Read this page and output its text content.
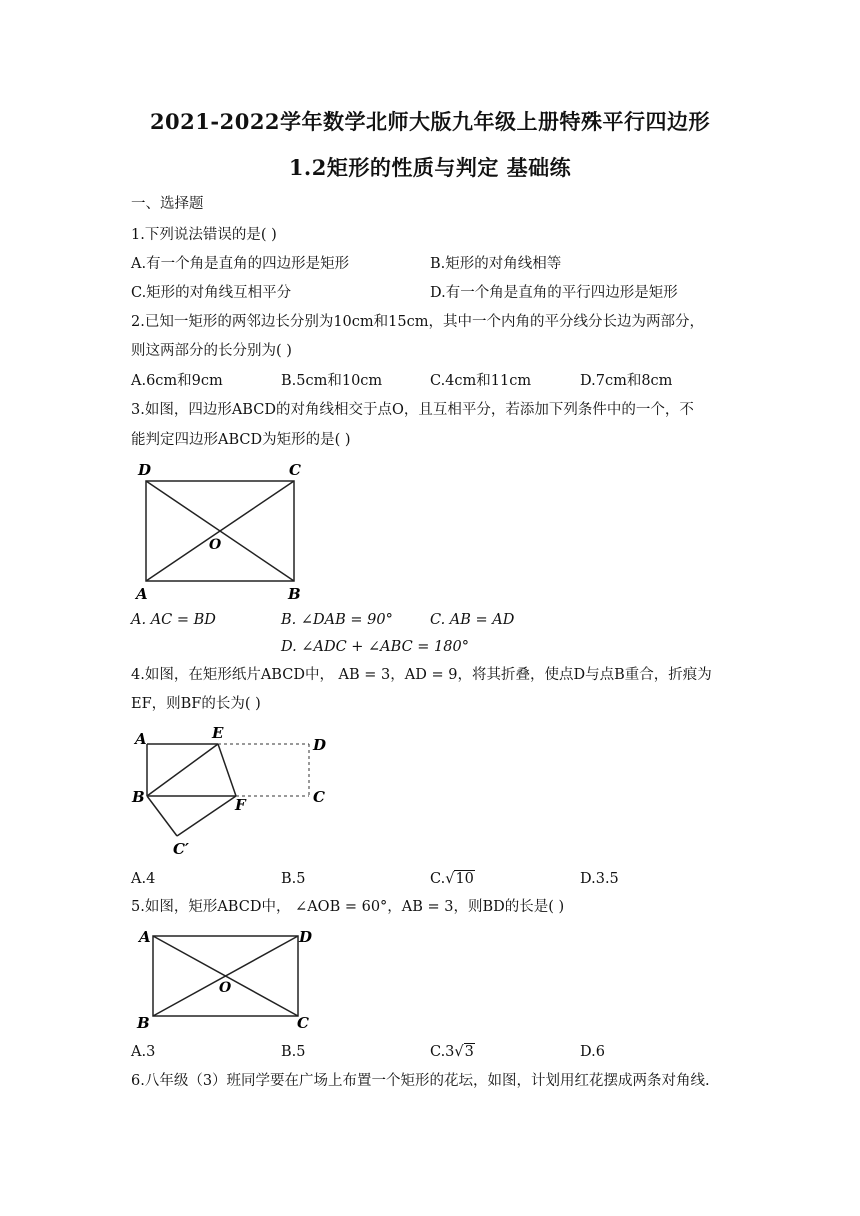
2021-2022学年数学北师大版九年级上册特殊平行四边形
1.2矩形的性质与判定 基础练
一、选择题
1.下列说法错误的是( )
A.有一个角是直角的四边形是矩形	B.矩形的对角线相等
C.矩形的对角线互相平分	D.有一个角是直角的平行四边形是矩形
2.已知一矩形的两邻边长分别为10cm和15cm，其中一个内角的平分线分长边为两部分，
则这两部分的长分别为( )
A.6cm和9cm	B.5cm和10cm	C.4cm和11cm	D.7cm和8cm
3.如图，四边形ABCD的对角线相交于点O，且互相平分，若添加下列条件中的一个，不
能判定四边形ABCD为矩形的是( )
D	C
O
A	B
A. AC = BD	B. ∠DAB = 90°	C. AB = AD
D. ∠ADC + ∠ABC = 180°
4.如图，在矩形纸片ABCD中， AB = 3，AD = 9，将其折叠，使点D与点B重合，折痕为
EF，则BF的长为( )
A	E
D
B	F	C
C′
A.4	B.5	C.√10	D.3.5
5.如图，矩形ABCD中， ∠AOB = 60°，AB = 3，则BD的长是( )
A	D
O
B	C
A.3	B.5	C.3√3	D.6
6.八年级（3）班同学要在广场上布置一个矩形的花坛，如图，计划用红花摆成两条对角线.
